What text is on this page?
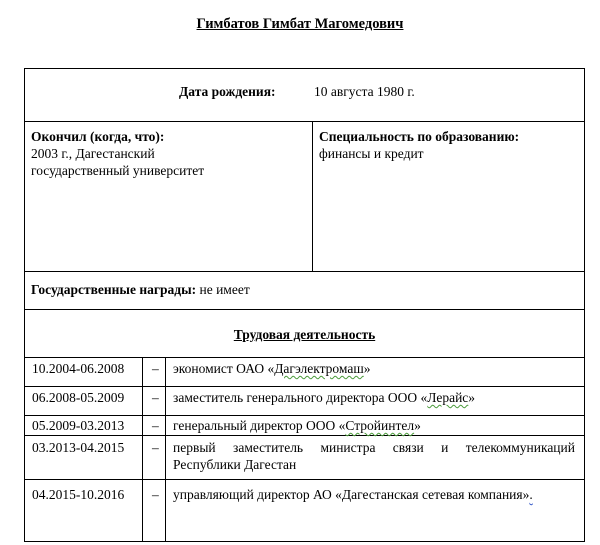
Гимбатов Гимбат Магомедович
Дата рождения:	10 августа 1980 г.
Окончил (когда, что):
2003 г., Дагестанский
государственный университет
Специальность по образованию:
финансы и кредит
Государственные награды: не имеет
Трудовая деятельность
10.2004-06.2008 – экономист ОАО «Дагэлектромаш»
06.2008-05.2009 – заместитель генерального директора ООО «Лерайс»
05.2009-03.2013 – генеральный директор ООО «Стройинтел»
03.2013-04.2015 – первый заместитель министра связи и телекоммуникаций Республики Дагестан
04.2015-10.2016 – управляющий директор АО «Дагестанская сетевая компания».
